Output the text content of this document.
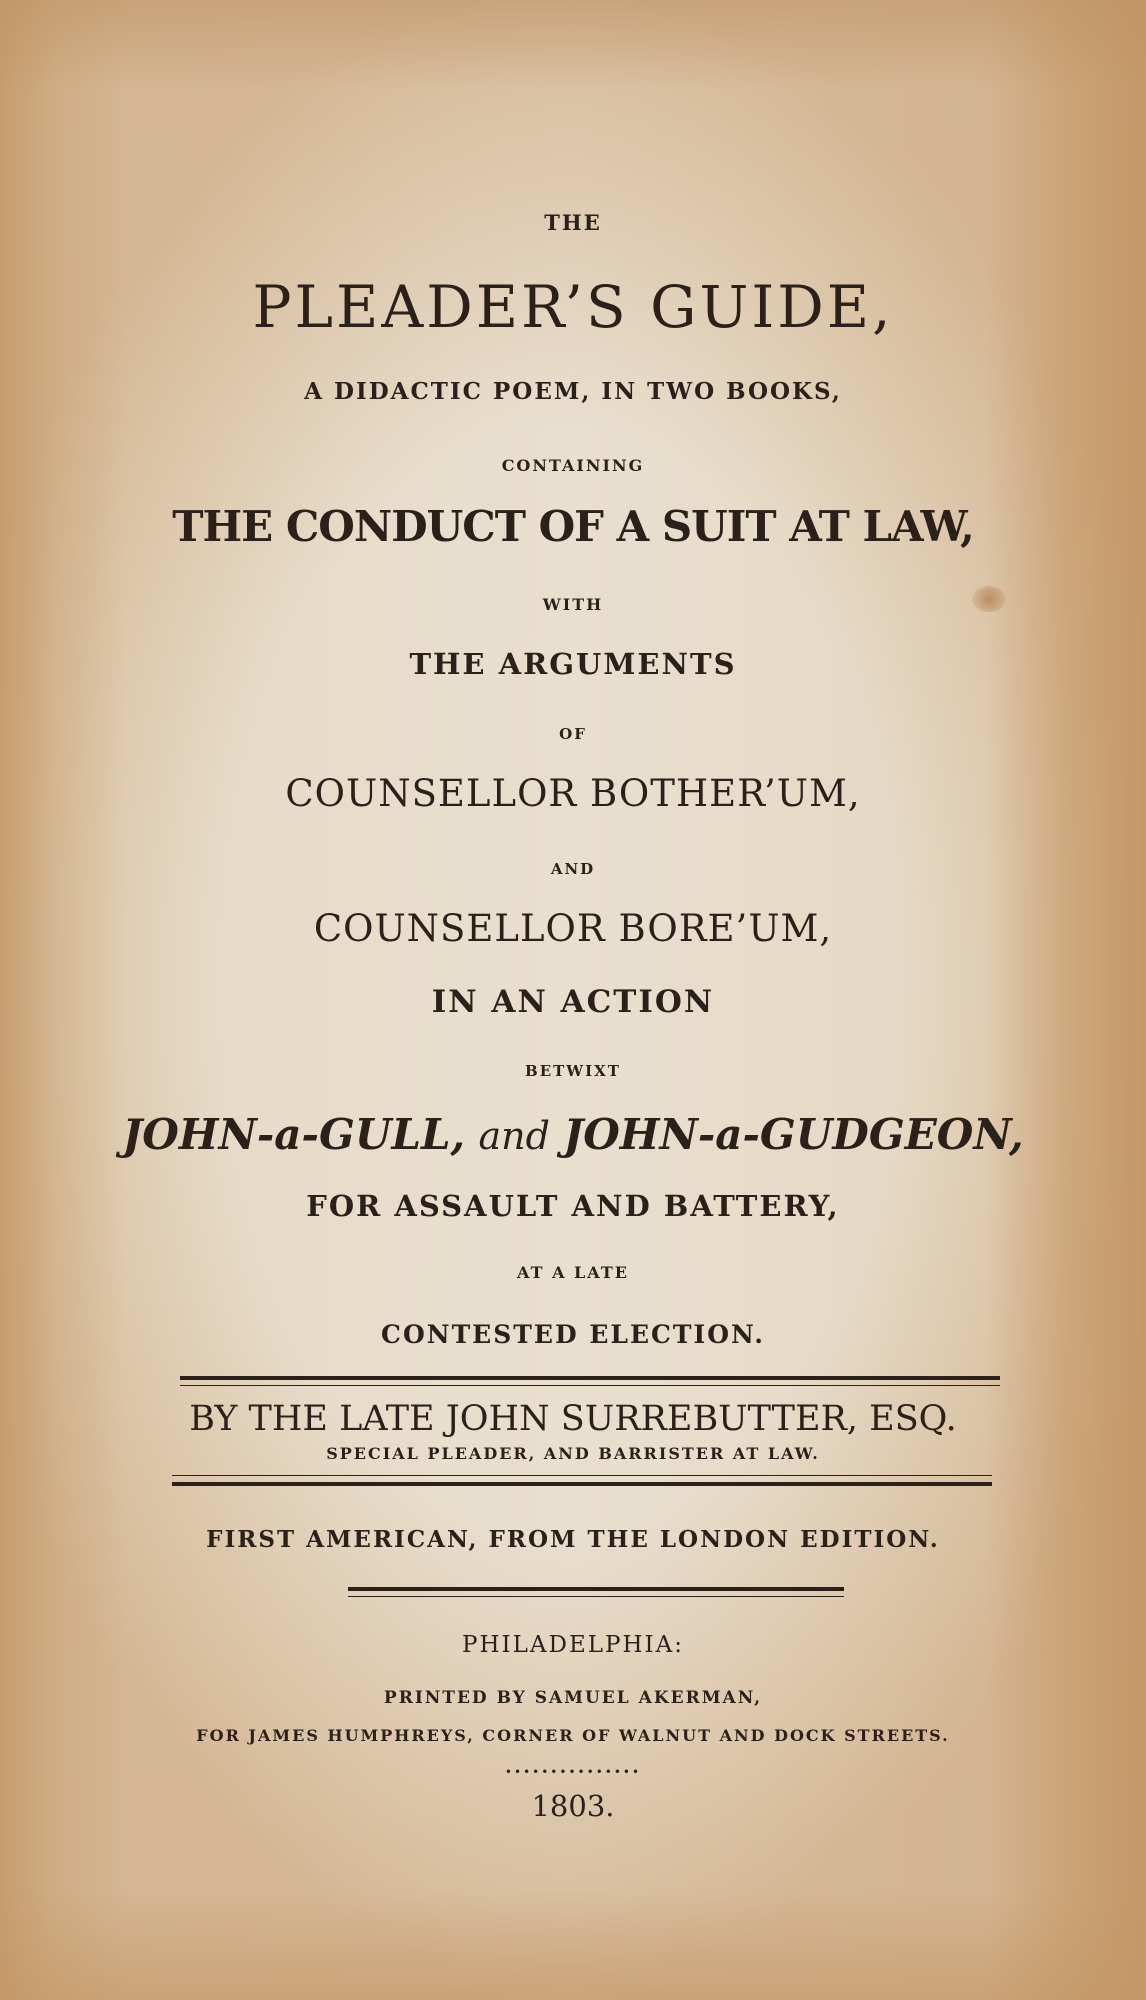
THE

PLEADER’S GUIDE,

A DIDACTIC POEM, IN TWO BOOKS,

CONTAINING

THE CONDUCT OF A SUIT AT LAW,

WITH

THE ARGUMENTS

OF

COUNSELLOR BOTHER’UM,

AND

COUNSELLOR BORE’UM,

IN AN ACTION

BETWIXT

JOHN-a-GULL, and JOHN-a-GUDGEON,

FOR ASSAULT AND BATTERY,

AT A LATE

CONTESTED ELECTION.

BY THE LATE JOHN SURREBUTTER, ESQ.

SPECIAL PLEADER, AND BARRISTER AT LAW.

FIRST AMERICAN, FROM THE LONDON EDITION.

PHILADELPHIA:

PRINTED BY SAMUEL AKERMAN,

FOR JAMES HUMPHREYS, CORNER OF WALNUT AND DOCK STREETS.

•••••••••••••••

1803.
